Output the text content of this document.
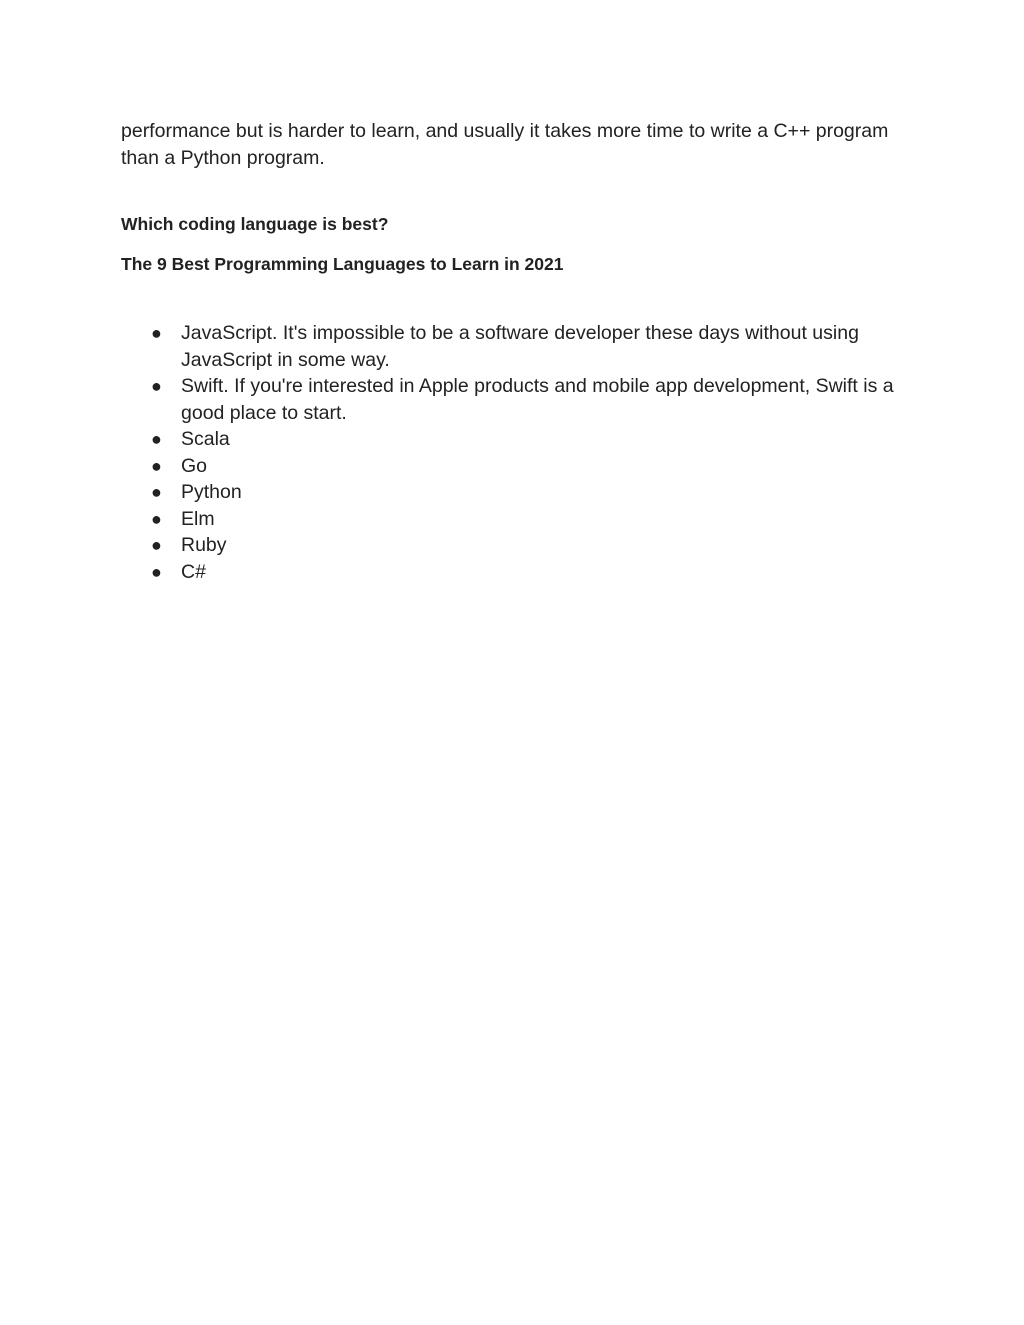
performance but is harder to learn, and usually it takes more time to write a C++ program than a Python program.

Which coding language is best?

The 9 Best Programming Languages to Learn in 2021

● JavaScript. It's impossible to be a software developer these days without using JavaScript in some way.
● Swift. If you're interested in Apple products and mobile app development, Swift is a good place to start.
● Scala
● Go
● Python
● Elm
● Ruby
● C#
